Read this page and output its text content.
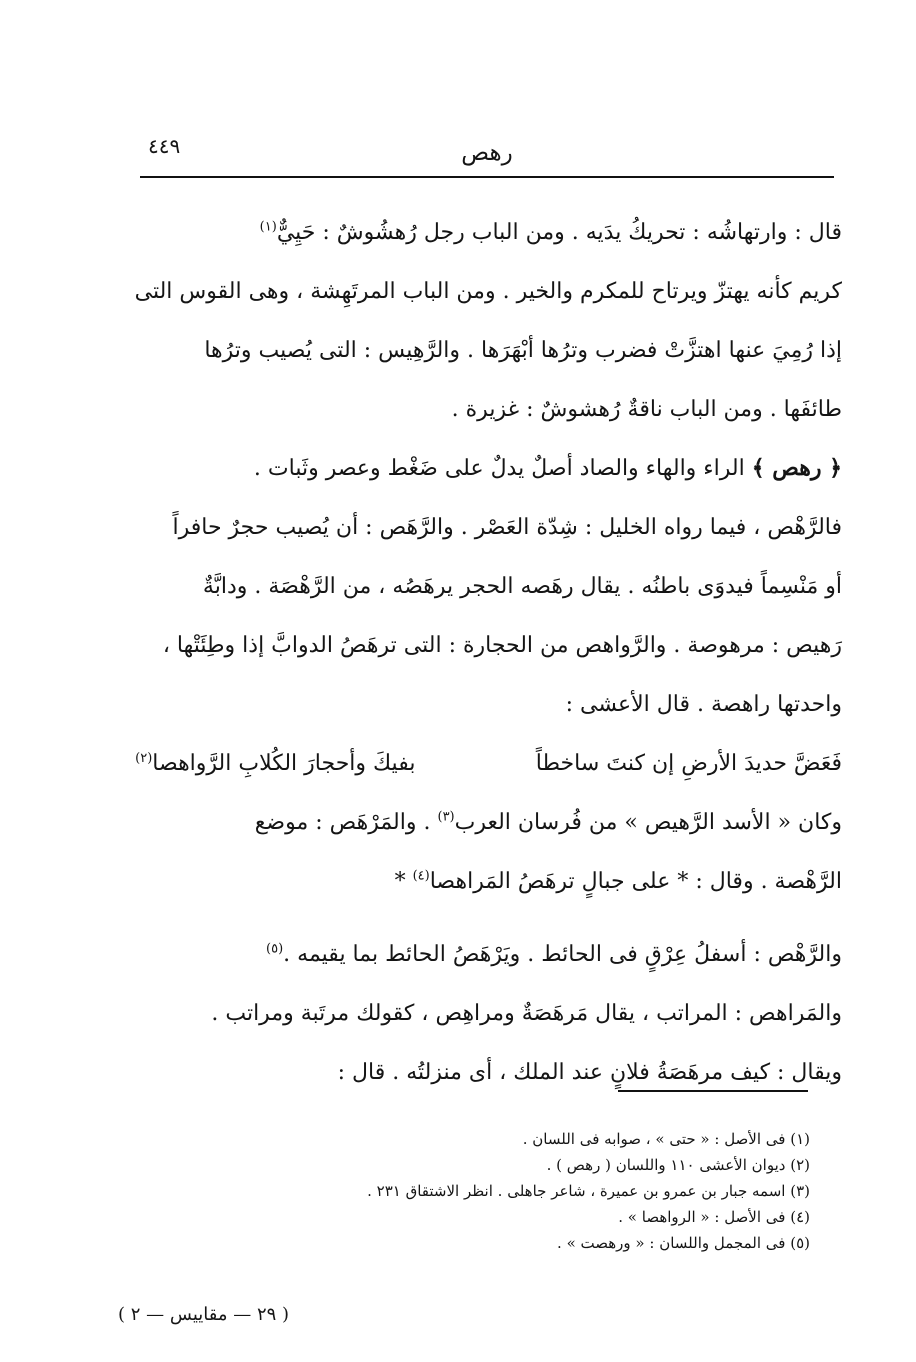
رهص
٤٤٩
قال : وارتهاشُه : تحريكُ يدَيه . ومن الباب رجل رُهشُوشٌ : حَيِيٌّ$^{(١)}$
كريم كأنه يهتزّ ويرتاح للمكرم والخير . ومن الباب المرتَهِشة ، وهى القوس التى
إذا رُمِيَ عنها اهتزَّتْ فضرب وترُها أبْهَرَها . والرَّهِيس : التى يُصيب وترُها
طائفَها . ومن الباب ناقةٌ رُهشوشٌ : غزيرة .
﴿ رهص ﴾ الراء والهاء والصاد أصلٌ يدلٌ على ضَغْط وعصر وثَبات .
فالرَّهْص ، فيما رواه الخليل : شِدّة العَصْر . والرَّهَص : أن يُصيب حجرٌ حافراً
أو مَنْسِماً فيدوَى باطنُه . يقال رهَصه الحجر يرهَصُه ، من الرَّهْصَة . ودابَّةٌ
رَهيص : مرهوصة . والرَّواهص من الحجارة : التى ترهَصُ الدوابَّ إذا وطِئَتْها ،
واحدتها راهصة . قال الأعشى :
فَعَضَّ حديدَ الأرضِ إن كنتَ ساخطاًبفيكَ وأحجارَ الكُلابِ الرَّواهصا(٢)
وكان « الأسد الرَّهيص » من فُرسان العرب$^{(٣)}$ . والمَرْهَص : موضع
الرَّهْصة . وقال : * على جبالٍ ترهَصُ المَراهصا$^{(٤)}$ *
والرَّهْص : أسفلُ عِرْقٍ فى الحائط . ويَرْهَصُ الحائط بما يقيمه .$^{(٥)}$
والمَراهص : المراتب ، يقال مَرهَصَةٌ ومراهِص ، كقولك مرتَبة ومراتب .
ويقال : كيف مرهَصَةُ فلانٍ عند الملك ، أى منزلتُه . قال :
(١) فى الأصل : « حتى » ، صوابه فى اللسان .
(٢) ديوان الأعشى ١١٠ واللسان ( رهص ) .
(٣) اسمه جبار بن عمرو بن عميرة ، شاعر جاهلى . انظر الاشتقاق ٢٣١ .
(٤) فى الأصل : « الرواهصا » .
(٥) فى المجمل واللسان : « ورهصت » .
( ٢٩ — مقاييس — ٢ )
